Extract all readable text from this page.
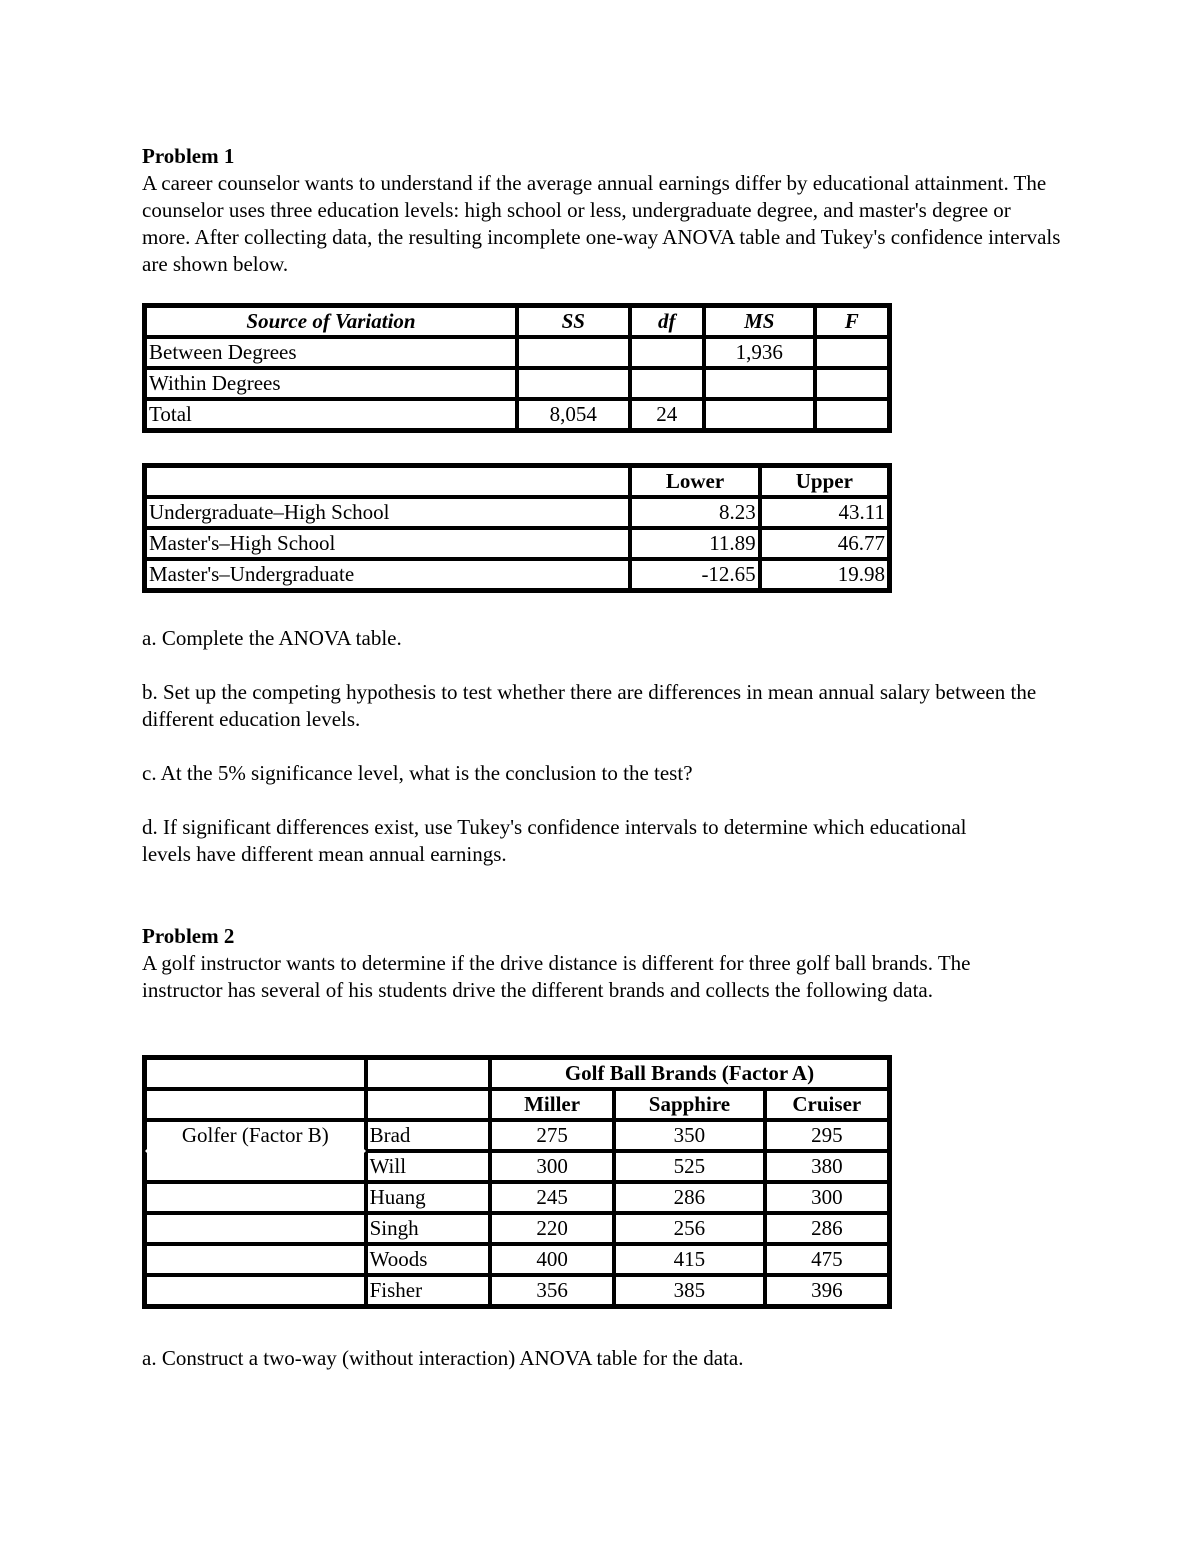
Problem 1

A career counselor wants to understand if the average annual earnings differ by educational attainment. The counselor uses three education levels: high school or less, undergraduate degree, and master's degree or more. After collecting data, the resulting incomplete one-way ANOVA table and Tukey's confidence intervals are shown below.

Source of Variation	SS	df	MS	F
Between Degrees			1,936	
Within Degrees				
Total	8,054	24		
	Lower	Upper
Undergraduate–High School	8.23	43.11
Master's–High School	11.89	46.77
Master's–Undergraduate	-12.65	19.98

a. Complete the ANOVA table.

b. Set up the competing hypothesis to test whether there are differences in mean annual salary between the different education levels.

c. At the 5% significance level, what is the conclusion to the test?

d. If significant differences exist, use Tukey's confidence intervals to determine which educational levels have different mean annual earnings.

Problem 2

A golf instructor wants to determine if the drive distance is different for three golf ball brands. The instructor has several of his students drive the different brands and collects the following data.

		Golf Ball Brands (Factor A)		
		Miller	Sapphire	Cruiser
Golfer (Factor B)	Brad	275	350	295
	Will	300	525	380
	Huang	245	286	300
	Singh	220	256	286
	Woods	400	415	475
	Fisher	356	385	396

a. Construct a two-way (without interaction) ANOVA table for the data.
